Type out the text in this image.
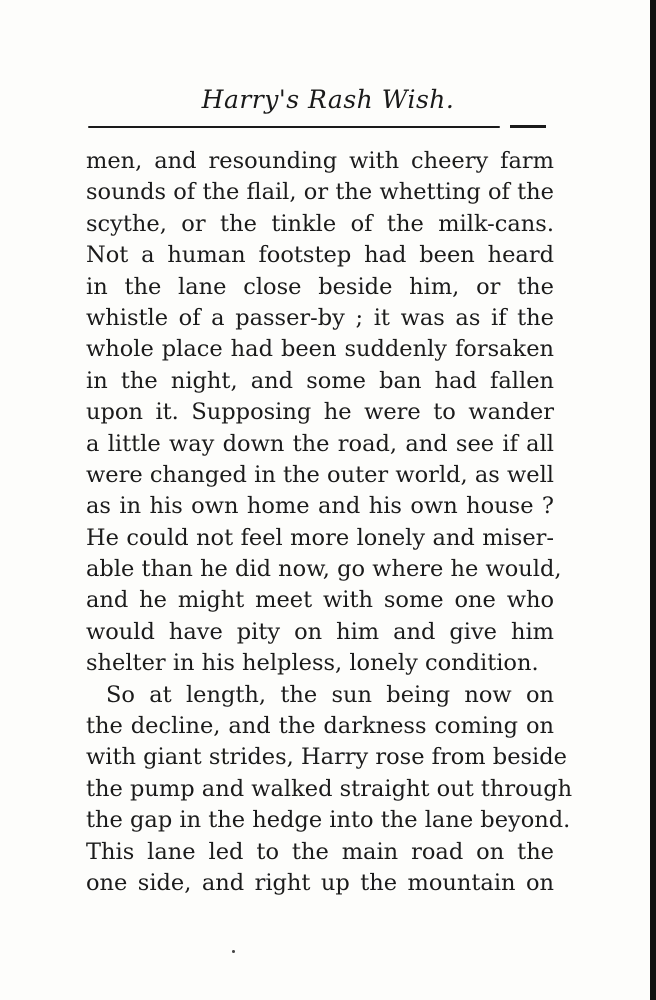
Harry's Rash Wish.
men, and resounding with cheery farm
sounds of the flail, or the whetting of the
scythe, or the tinkle of the milk-cans.
Not a human footstep had been heard
in the lane close beside him, or the
whistle of a passer-by ; it was as if the
whole place had been suddenly forsaken
in the night, and some ban had fallen
upon it. Supposing he were to wander
a little way down the road, and see if all
were changed in the outer world, as well
as in his own home and his own house ?
He could not feel more lonely and miser-
able than he did now, go where he would,
and he might meet with some one who
would have pity on him and give him
shelter in his helpless, lonely condition.
So at length, the sun being now on
the decline, and the darkness coming on
with giant strides, Harry rose from beside
the pump and walked straight out through
the gap in the hedge into the lane beyond.
This lane led to the main road on the
one side, and right up the mountain on
